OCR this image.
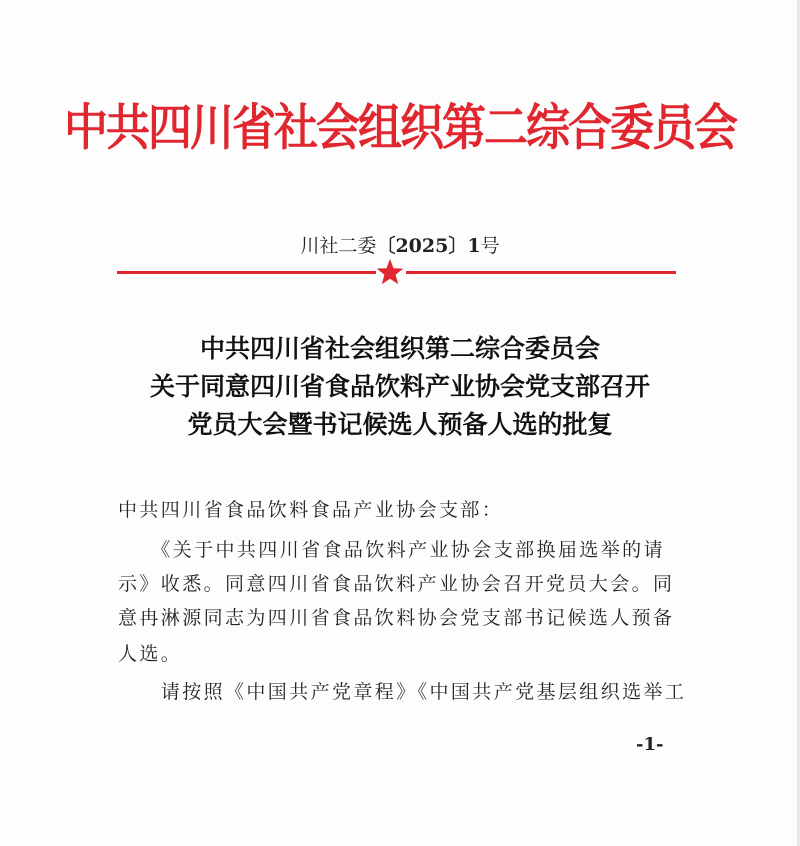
中共四川省社会组织第二综合委员会
川社二委〔2025〕1号
中共四川省社会组织第二综合委员会
关于同意四川省食品饮料产业协会党支部召开
党员大会暨书记候选人预备人选的批复
中共四川省食品饮料食品产业协会支部：
　　《关于中共四川省食品饮料产业协会支部换届选举的请
示》收悉。同意四川省食品饮料产业协会召开党员大会。同
意冉淋源同志为四川省食品饮料协会党支部书记候选人预备
人选。
　　请按照《中国共产党章程》《中国共产党基层组织选举工
-1-
